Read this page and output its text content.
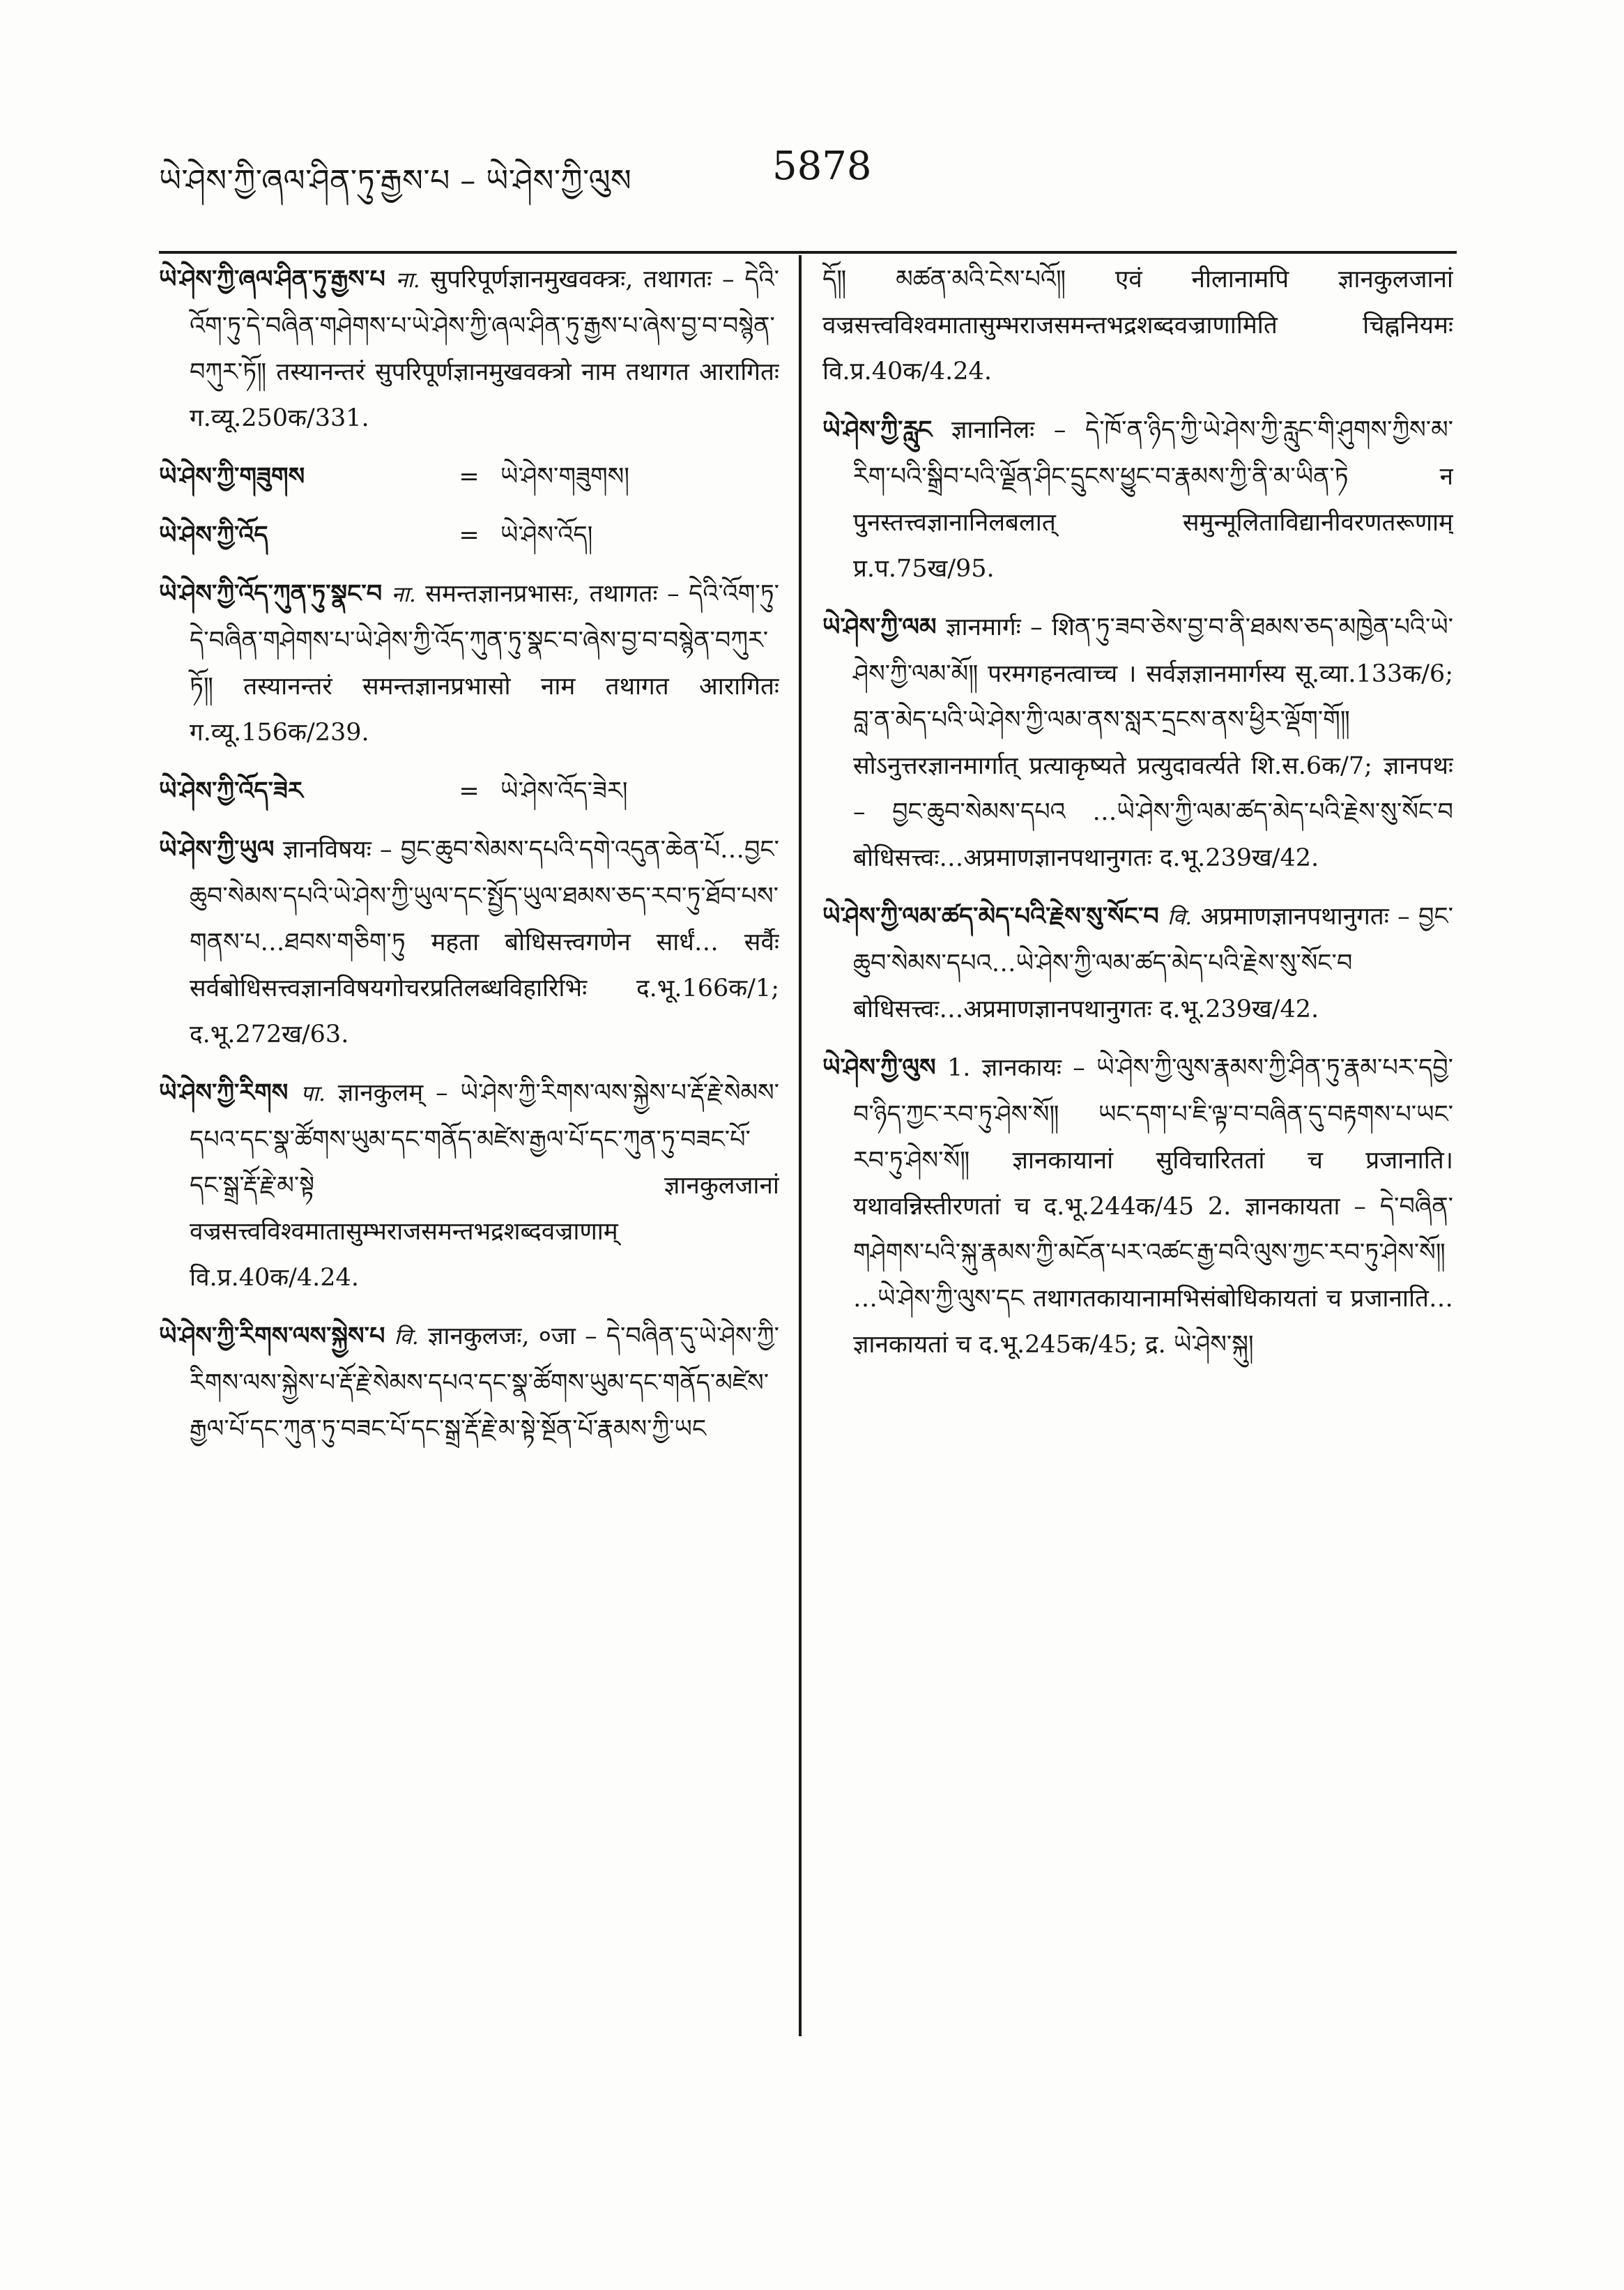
ཡེ་ཤེས་ཀྱི་ཞལ་ཤིན་ཏུ་རྒྱས་པ – ཡེ་ཤེས་ཀྱི་ལུས	5878

ཡེ་ཤེས་ཀྱི་ཞལ་ཤིན་ཏུ་རྒྱས་པ ना. सुपरिपूर्णज्ञानमुखवक्त्रः, तथागतः – དེའི་འོག་ཏུ་དེ་བཞིན་གཤེགས་པ་ཡེ་ཤེས་ཀྱི་ཞལ་ཤིན་ཏུ་རྒྱས་པ་ཞེས་བྱ་བ་བསྙེན་བཀུར་ཏོ༎ तस्यानन्तरं सुपरिपूर्णज्ञानमुखवक्त्रो नाम तथागत आरागितः ग.व्यू.250क/331.

ཡེ་ཤེས་ཀྱི་གཟུགས	= ཡེ་ཤེས་གཟུགས།

ཡེ་ཤེས་ཀྱི་འོད	= ཡེ་ཤེས་འོད།

ཡེ་ཤེས་ཀྱི་འོད་ཀུན་ཏུ་སྣང་བ ना. समन्तज्ञानप्रभासः, तथागतः – དེའི་འོག་ཏུ་དེ་བཞིན་གཤེགས་པ་ཡེ་ཤེས་ཀྱི་འོད་ཀུན་ཏུ་སྣང་བ་ཞེས་བྱ་བ་བསྙེན་བཀུར་ཏོ༎ तस्यानन्तरं समन्तज्ञानप्रभासो नाम तथागत आरागितः ग.व्यू.156क/239.

ཡེ་ཤེས་ཀྱི་འོད་ཟེར	= ཡེ་ཤེས་འོད་ཟེར།

ཡེ་ཤེས་ཀྱི་ཡུལ ज्ञानविषयः – བྱང་ཆུབ་སེམས་དཔའི་དགེ་འདུན་ཆེན་པོ…བྱང་ཆུབ་སེམས་དཔའི་ཡེ་ཤེས་ཀྱི་ཡུལ་དང་སྤྱོད་ཡུལ་ཐམས་ཅད་རབ་ཏུ་ཐོབ་པས་གནས་པ…ཐབས་གཅིག་ཏུ महता बोधिसत्त्वगणेन सार्धं… सर्वैः सर्वबोधिसत्त्वज्ञानविषयगोचरप्रतिलब्धविहारिभिः द.भू.166क/1; द.भू.272ख/63.

ཡེ་ཤེས་ཀྱི་རིགས पा. ज्ञानकुलम् – ཡེ་ཤེས་ཀྱི་རིགས་ལས་སྐྱེས་པ་རྡོ་རྗེ་སེམས་དཔའ་དང་སྣ་ཚོགས་ཡུམ་དང་གནོད་མཛེས་རྒྱལ་པོ་དང་ཀུན་ཏུ་བཟང་པོ་དང་སྒྲ་རྡོ་རྗེ་མ་སྟེ ज्ञानकुलजानां वज्रसत्त्वविश्वमातासुम्भराजसमन्तभद्रशब्दवज्राणाम् वि.प्र.40क/4.24.

ཡེ་ཤེས་ཀྱི་རིགས་ལས་སྐྱེས་པ वि. ज्ञानकुलजः, ०जा – དེ་བཞིན་དུ་ཡེ་ཤེས་ཀྱི་རིགས་ལས་སྐྱེས་པ་རྡོ་རྗེ་སེམས་དཔའ་དང་སྣ་ཚོགས་ཡུམ་དང་གནོད་མཛེས་རྒྱལ་པོ་དང་ཀུན་ཏུ་བཟང་པོ་དང་སྒྲ་རྡོ་རྗེ་མ་སྟེ་སྔོན་པོ་རྣམས་ཀྱི་ཡང

དོ༎ མཚན་མའི་ངེས་པའོ༎ एवं नीलानामपि ज्ञानकुलजानां वज्रसत्त्वविश्वमातासुम्भराजसमन्तभद्रशब्दवज्राणामिति चिह्ननियमः वि.प्र.40क/4.24.

ཡེ་ཤེས་ཀྱི་རླུང ज्ञानानिलः – དེ་ཁོ་ན་ཉིད་ཀྱི་ཡེ་ཤེས་ཀྱི་རླུང་གི་ཤུགས་ཀྱིས་མ་རིག་པའི་སྒྲིབ་པའི་ལྗོན་ཤིང་དྲུངས་ཕྱུང་བ་རྣམས་ཀྱི་ནི་མ་ཡིན་ཏེ न पुनस्तत्त्वज्ञानानिलबलात् समुन्मूलिताविद्यानीवरणतरूणाम् प्र.प.75ख/95.

ཡེ་ཤེས་ཀྱི་ལམ ज्ञानमार्गः – शिན་ཏུ་ཟབ་ཅེས་བྱ་བ་ནི་ཐམས་ཅད་མཁྱེན་པའི་ཡེ་ཤེས་ཀྱི་ལམ་མོ༎ परमगहनत्वाच्च । सर्वज्ञज्ञानमार्गस्य सू.व्या.133क/6; བླ་ན་མེད་པའི་ཡེ་ཤེས་ཀྱི་ལམ་ནས་སླར་དྲངས་ནས་ཕྱིར་ལྡོག་གོ༎ सोऽनुत्तरज्ञानमार्गात् प्रत्याकृष्यते प्रत्युदावर्त्यते शि.स.6क/7; ज्ञानपथः – བྱང་ཆུབ་སེམས་དཔའ …ཡེ་ཤེས་ཀྱི་ལམ་ཚད་མེད་པའི་རྗེས་སུ་སོང་བ बोधिसत्त्वः…अप्रमाणज्ञानपथानुगतः द.भू.239ख/42.

ཡེ་ཤེས་ཀྱི་ལམ་ཚད་མེད་པའི་རྗེས་སུ་སོང་བ वि. अप्रमाणज्ञानपथानुगतः – བྱང་ཆུབ་སེམས་དཔའ…ཡེ་ཤེས་ཀྱི་ལམ་ཚད་མེད་པའི་རྗེས་སུ་སོང་བ बोधिसत्त्वः…अप्रमाणज्ञानपथानुगतः द.भू.239ख/42.

ཡེ་ཤེས་ཀྱི་ལུས 1. ज्ञानकायः – ཡེ་ཤེས་ཀྱི་ལུས་རྣམས་ཀྱི་ཤིན་ཏུ་རྣམ་པར་དབྱེ་བ་ཉིད་ཀྱང་རབ་ཏུ་ཤེས་སོ༎ ཡང་དག་པ་ཇི་ལྟ་བ་བཞིན་དུ་བརྟགས་པ་ཡང་རབ་ཏུ་ཤེས་སོ༎ ज्ञानकायानां सुविचारिततां च प्रजानाति। यथावन्निस्तीरणतां च द.भू.244क/45 2. ज्ञानकायता – དེ་བཞིན་གཤེགས་པའི་སྐུ་རྣམས་ཀྱི་མངོན་པར་འཚང་རྒྱ་བའི་ལུས་ཀྱང་རབ་ཏུ་ཤེས་སོ༎ …ཡེ་ཤེས་ཀྱི་ལུས་དང तथागतकायानामभिसंबोधिकायतां च प्रजानाति… ज्ञानकायतां च द.भू.245क/45; द्र. ཡེ་ཤེས་སྐུ།
